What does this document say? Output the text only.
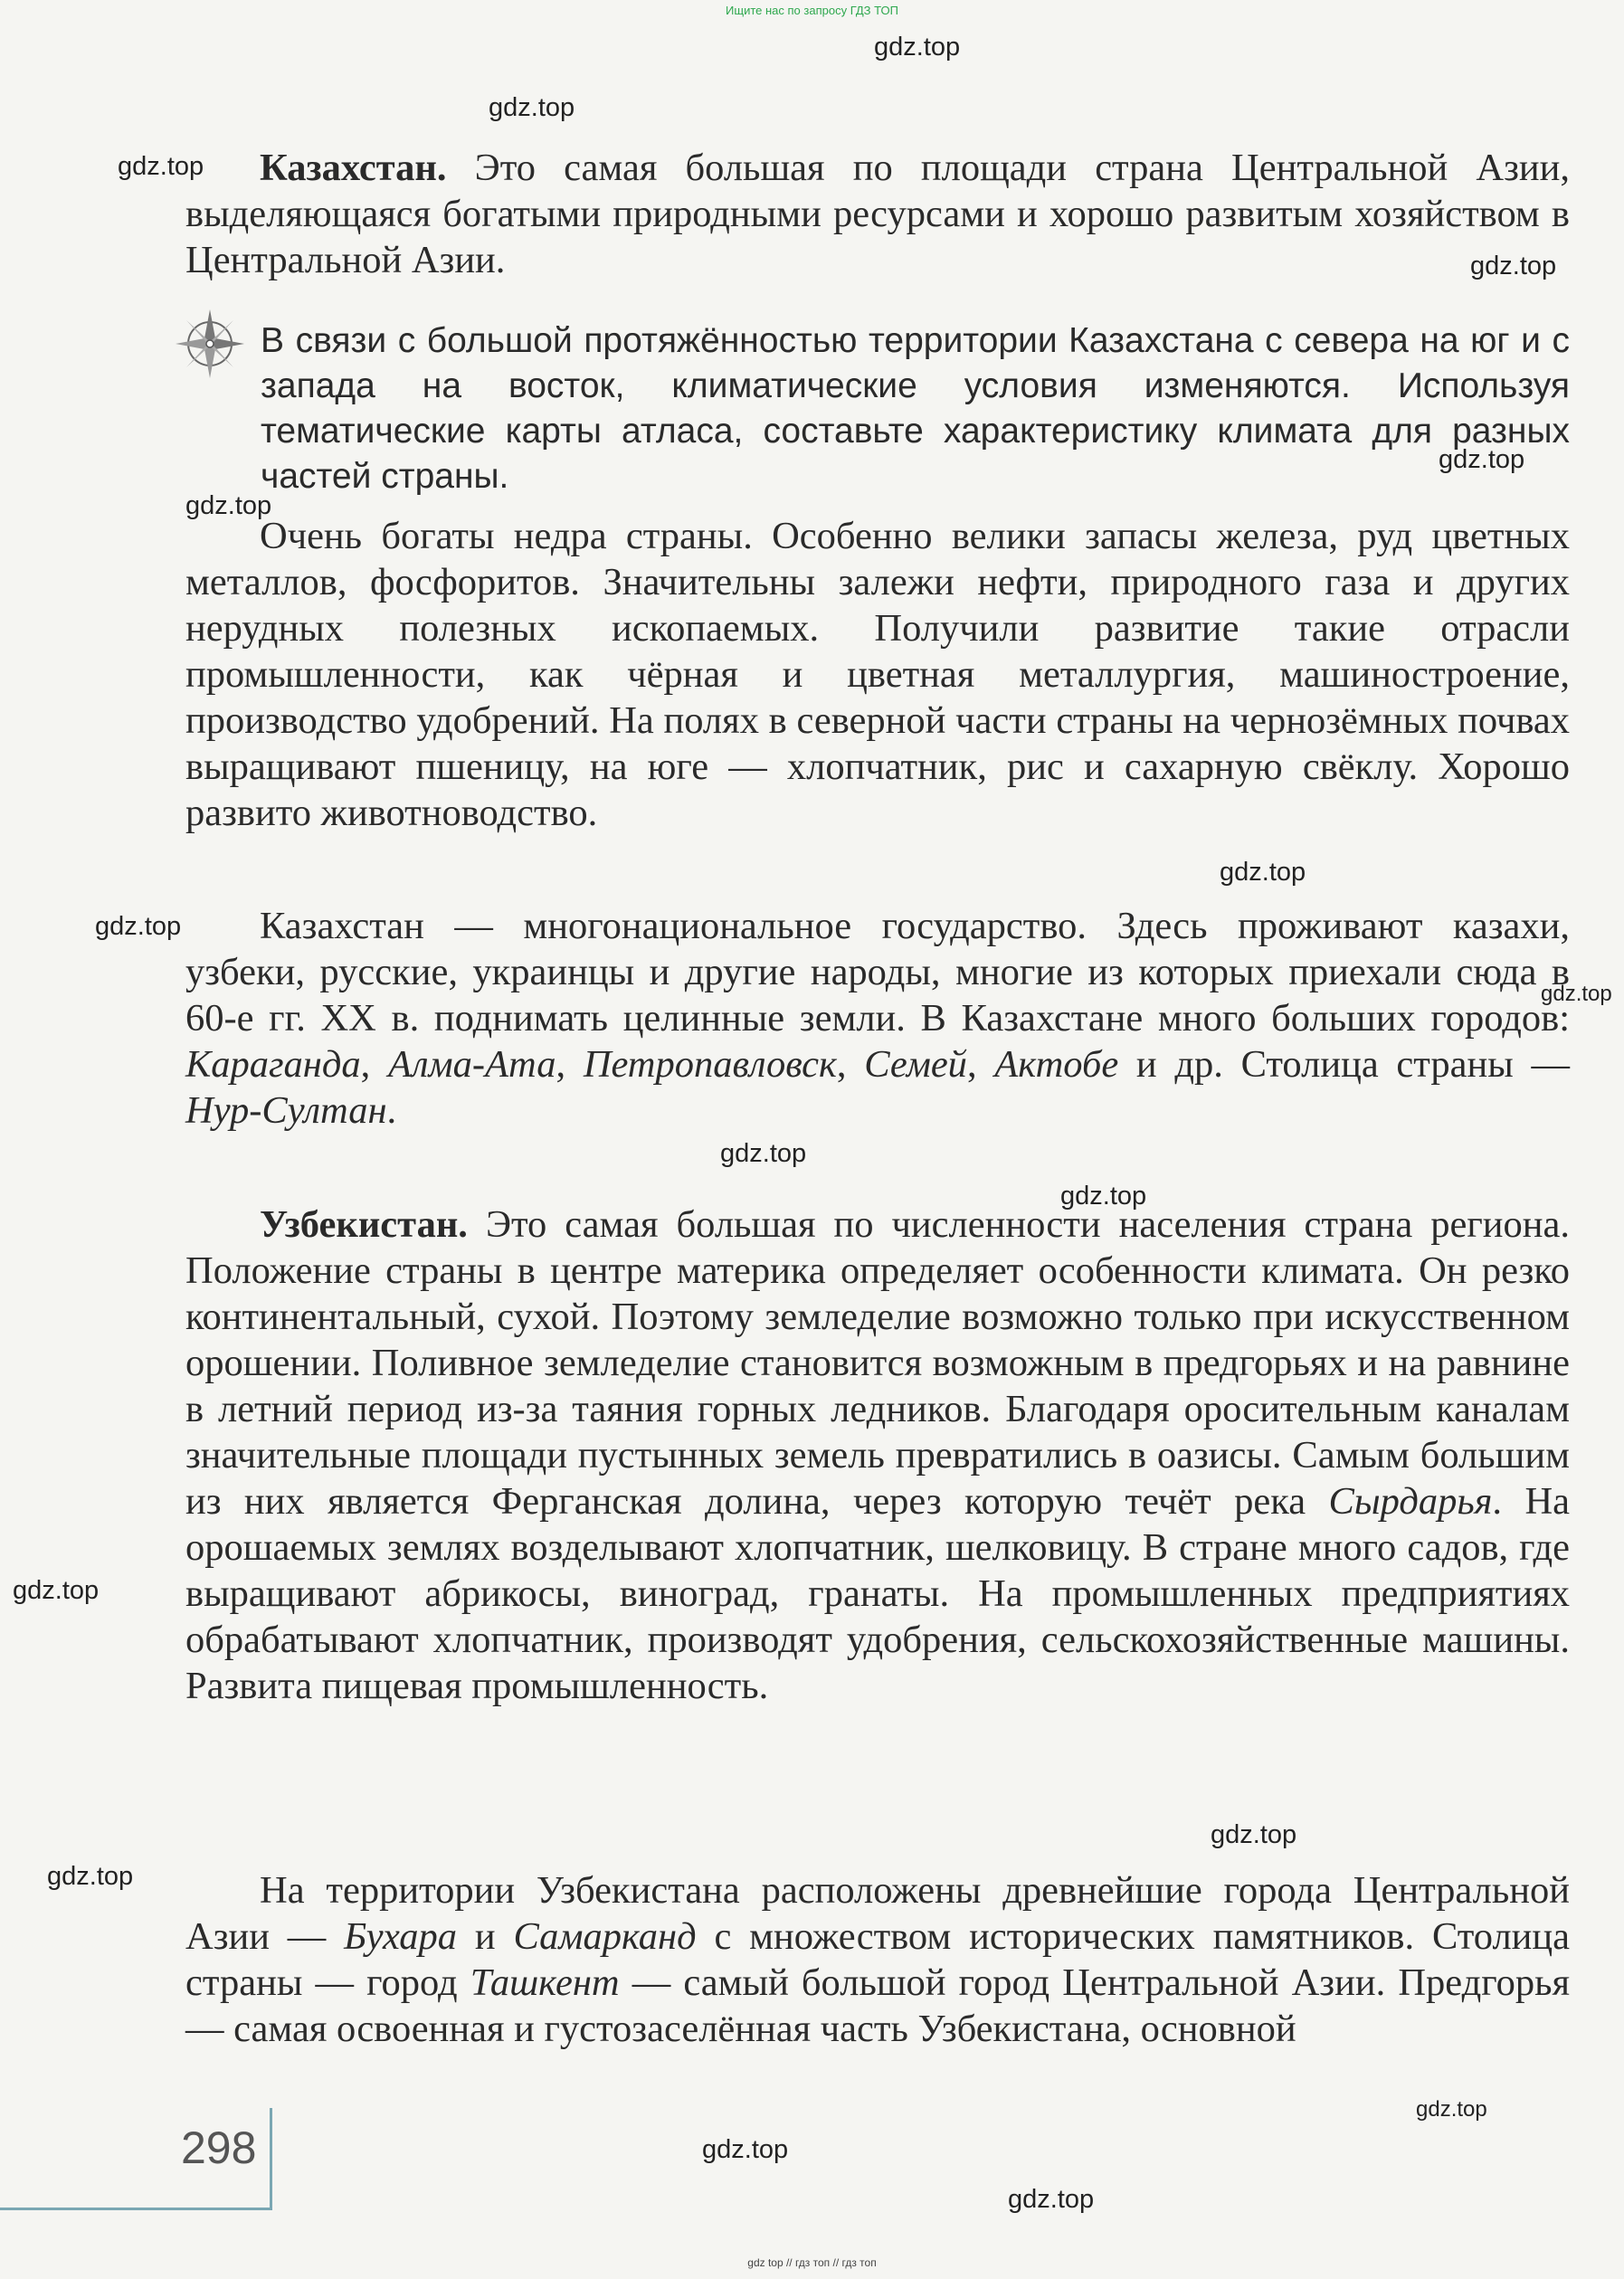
Ищите нас по запросу ГДЗ ТОП
gdz.top
gdz.top
gdz.top
gdz.top
gdz.top
gdz.top
gdz.top
gdz.top
gdz.top
gdz.top
gdz.top
gdz.top
gdz.top
gdz.top
gdz.top
gdz.top
gdz.top

Казахстан. Это самая большая по площади страна Центральной Азии, выделяющаяся богатыми природными ресурсами и хорошо развитым хозяйством в Центральной Азии.

В связи с большой протяжённостью территории Казахстана с севера на юг и с запада на восток, климатические условия изменяются. Используя тематические карты атласа, составьте характеристику климата для разных частей страны.

Очень богаты недра страны. Особенно велики запасы железа, руд цветных металлов, фосфоритов. Значительны залежи нефти, природного газа и других нерудных полезных ископаемых. Получили развитие такие отрасли промышленности, как чёрная и цветная металлургия, машиностроение, производство удобрений. На полях в северной части страны на чернозёмных почвах выращивают пшеницу, на юге — хлопчатник, рис и сахарную свёклу. Хорошо развито животноводство.

Казахстан — многонациональное государство. Здесь проживают казахи, узбеки, русские, украинцы и другие народы, многие из которых приехали сюда в 60-е гг. XX в. поднимать целинные земли. В Казахстане много больших городов: Караганда, Алма-Ата, Петропавловск, Семей, Актобе и др. Столица страны — Нур-Султан.

Узбекистан. Это самая большая по численности населения страна региона. Положение страны в центре материка определяет особенности климата. Он резко континентальный, сухой. Поэтому земледелие возможно только при искусственном орошении. Поливное земледелие становится возможным в предгорьях и на равнине в летний период из-за таяния горных ледников. Благодаря оросительным каналам значительные площади пустынных земель превратились в оазисы. Самым большим из них является Ферганская долина, через которую течёт река Сырдарья. На орошаемых землях возделывают хлопчатник, шелковицу. В стране много садов, где выращивают абрикосы, виноград, гранаты. На промышленных предприятиях обрабатывают хлопчатник, производят удобрения, сельскохозяйственные машины. Развита пищевая промышленность.

На территории Узбекистана расположены древнейшие города Центральной Азии — Бухара и Самарканд с множеством исторических памятников. Столица страны — город Ташкент — самый большой город Центральной Азии. Предгорья — самая освоенная и густозаселённая часть Узбекистана, основной

298
gdz top // гдз топ // гдз топ
